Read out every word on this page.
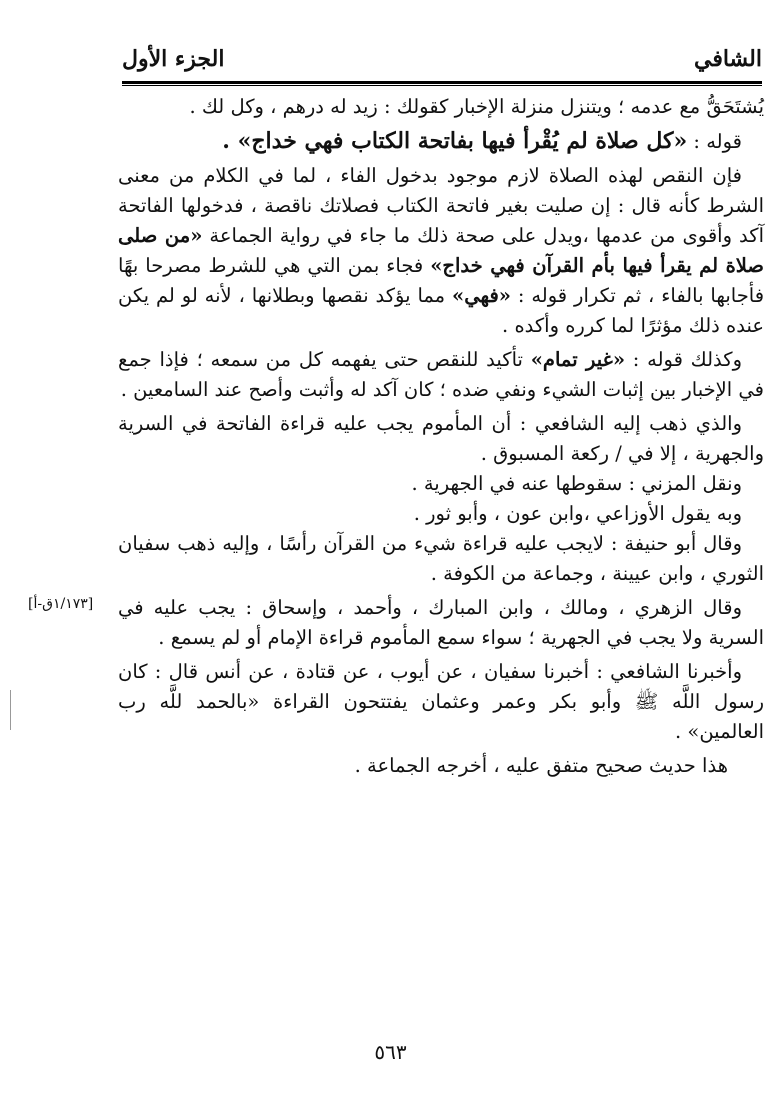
الشافي
الجزء الأول

يُشتَحَقُّ مع عدمه ؛ ويتنزل منزلة الإخبار كقولك : زيد له درهم ، وكل لك .

قوله : «كل صلاة لم يُقْرأ فيها بفاتحة الكتاب فهي خداج» .

فإن النقص لهذه الصلاة لازم موجود بدخول الفاء ، لما في الكلام من معنى الشرط كأنه قال : إن صليت بغير فاتحة الكتاب فصلاتك ناقصة ، فدخولها الفاتحة آكد وأقوى من عدمها ،ويدل على صحة ذلك ما جاء في رواية الجماعة «من صلى صلاة لم يقرأ فيها بأم القرآن فهي خداج» فجاء بمن التي هي للشرط مصرحا بهًا فأجابها بالفاء ، ثم تكرار قوله : «فهي» مما يؤكد نقصها وبطلانها ، لأنه لو لم يكن عنده ذلك مؤثرًا لما كرره وأكده .

وكذلك قوله : «غير تمام» تأكيد للنقص حتى يفهمه كل من سمعه ؛ فإذا جمع في الإخبار بين إثبات الشيء ونفي ضده ؛ كان آكد له وأثبت وأصح عند السامعين .

والذي ذهب إليه الشافعي : أن المأموم يجب عليه قراءة الفاتحة في السرية والجهرية ، إلا في / ركعة المسبوق .

ونقل المزني : سقوطها عنه في الجهرية .

وبه يقول الأوزاعي ،وابن عون ، وأبو ثور .

وقال أبو حنيفة : لايجب عليه قراءة شيء من القرآن رأسًا ، وإليه ذهب سفيان الثوري ، وابن عيينة ، وجماعة من الكوفة .

وقال الزهري ، ومالك ، وابن المبارك ، وأحمد ، وإسحاق : يجب عليه في السرية ولا يجب في الجهرية ؛ سواء سمع المأموم قراءة الإمام أو لم يسمع .

وأخبرنا الشافعي : أخبرنا سفيان ، عن أيوب ، عن قتادة ، عن أنس قال : كان رسول اللَّه ﷺ وأبو بكر وعمر وعثمان يفتتحون القراءة «بالحمد للَّه رب العالمين» .

هذا حديث صحيح متفق عليه ، أخرجه الجماعة .

[١/١٧٣ق-أ]
٥٦٣
